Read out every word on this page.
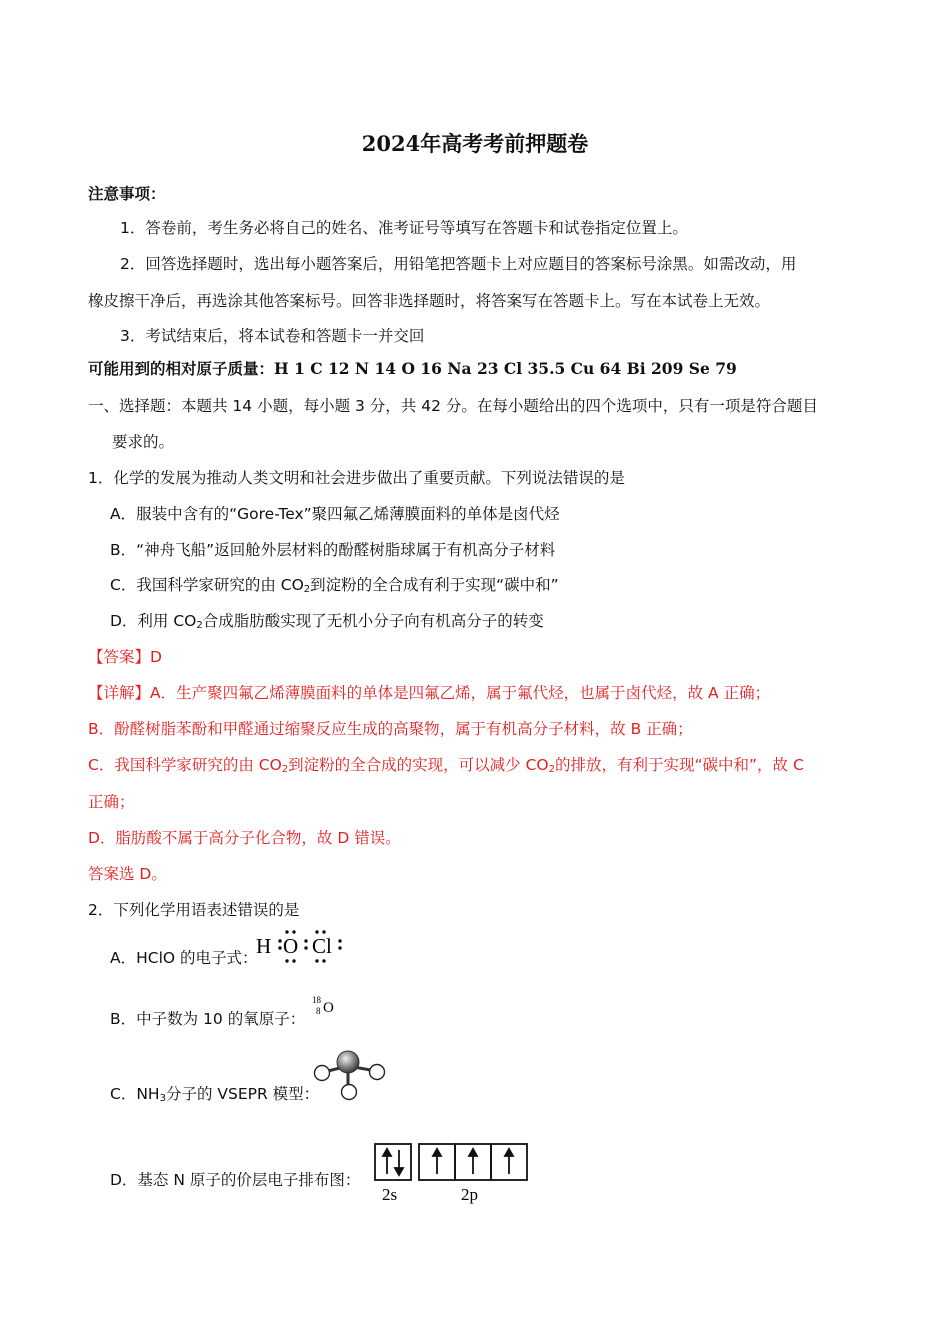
2024年高考考前押题卷
注意事项：
1．答卷前，考生务必将自己的姓名、准考证号等填写在答题卡和试卷指定位置上。
2．回答选择题时，选出每小题答案后，用铅笔把答题卡上对应题目的答案标号涂黑。如需改动，用
橡皮擦干净后，再选涂其他答案标号。回答非选择题时，将答案写在答题卡上。写在本试卷上无效。
3．考试结束后，将本试卷和答题卡一并交回
可能用到的相对原子质量：H 1 C 12 N 14 O 16 Na 23 Cl 35.5 Cu 64 Bi 209 Se 79
一、选择题：本题共 14 小题，每小题 3 分，共 42 分。在每小题给出的四个选项中，只有一项是符合题目
要求的。
1．化学的发展为推动人类文明和社会进步做出了重要贡献。下列说法错误的是
A．服装中含有的“Gore-Tex”聚四氟乙烯薄膜面料的单体是卤代烃
B．“神舟飞船”返回舱外层材料的酚醛树脂球属于有机高分子材料
C．我国科学家研究的由 $CO_2$到淀粉的全合成有利于实现“碳中和”
D．利用 $CO_2$合成脂肪酸实现了无机小分子向有机高分子的转变
【答案】D
【详解】A．生产聚四氟乙烯薄膜面料的单体是四氟乙烯，属于氟代烃，也属于卤代烃，故 A 正确；
B．酚醛树脂苯酚和甲醛通过缩聚反应生成的高聚物，属于有机高分子材料，故 B 正确；
C．我国科学家研究的由 $CO_2$到淀粉的全合成的实现，可以减少 $CO_2$的排放，有利于实现“碳中和”，故 C
正确；
D．脂肪酸不属于高分子化合物，故 D 错误。
答案选 D。
2．下列化学用语表述错误的是
A．HClO 的电子式：
H O Cl
B．中子数为 10 的氧原子：
18
8 O
C．$NH_3$分子的 VSEPR 模型：
D．基态 N 原子的价层电子排布图：
2s	2p
